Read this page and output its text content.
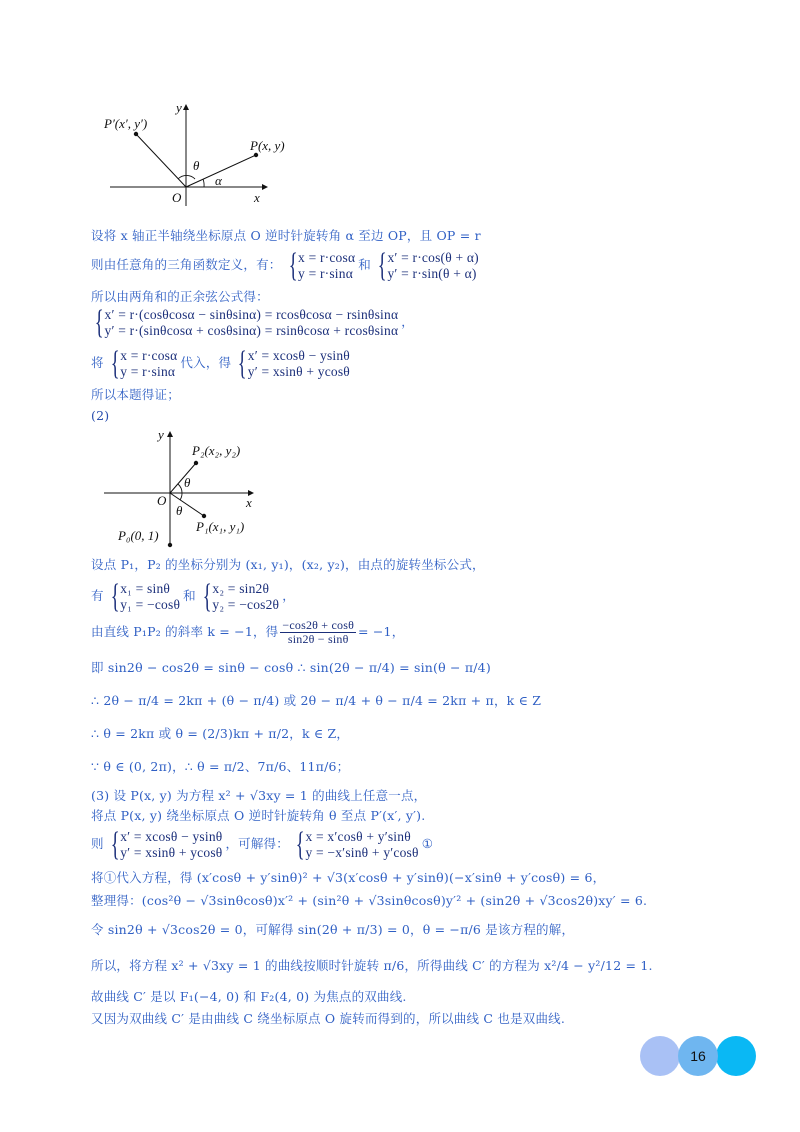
P′(x′, y′)
P(x, y)
θ
α
O	x
y
设将 x 轴正半轴绕坐标原点 O 逆时针旋转角 α 至边 OP，且 OP = r
则由任意角的三角函数定义，有： { x = r·cosα
y = r·sinα
和 { x′ = r·cos(θ + α)
y′ = r·sin(θ + α)
所以由两角和的正余弦公式得：
{ x′ = r·(cosθcosα − sinθsinα) = rcosθcosα − rsinθsinα
y′ = r·(sinθcosα + cosθsinα) = rsinθcosα + rcosθsinα
，
将 { x = r·cosα
y = r·sinα
代入，得 { x′ = xcosθ − ysinθ
y′ = xsinθ + ycosθ
所以本题得证；
(2)
P₂(x₂, y₂)
P₁(x₁, y₁)
P₀(0, 1)
θ
θ
O	x
y
设点 P₁，P₂ 的坐标分别为 (x₁, y₁)，(x₂, y₂)，由点的旋转坐标公式，
有 { x₁ = sinθ
y₁ = −cosθ
和 { x₂ = sin2θ
y₂ = −cos2θ
，
由直线 P₁P₂ 的斜率 k = −1，得 $\frac{-\cos 2\theta + \cos\theta}{\sin 2\theta - \sin\theta} = -1$，
即 sin2θ − cos2θ = sinθ − cosθ ∴ sin(2θ − π/4) = sin(θ − π/4)
∴ 2θ − π/4 = 2kπ + (θ − π/4) 或 2θ − π/4 + θ − π/4 = 2kπ + π，k ∈ Z
∴ θ = 2kπ 或 θ = (2/3)kπ + π/2，k ∈ Z，
∵ θ ∈ (0, 2π)，∴ θ = π/2、7π/6、11π/6；
(3) 设 P(x, y) 为方程 x² + √3xy = 1 的曲线上任意一点，
将点 P(x, y) 绕坐标原点 O 逆时针旋转角 θ 至点 P′(x′, y′).
则 { x′ = xcosθ − ysinθ
y′ = xsinθ + ycosθ
，可解得： { x = x′cosθ + y′sinθ
y = −x′sinθ + y′cosθ
①
将①代入方程，得 (x′cosθ + y′sinθ)² + √3(x′cosθ + y′sinθ)(−x′sinθ + y′cosθ) = 6，
整理得：(cos²θ − √3sinθcosθ)x′² + (sin²θ + √3sinθcosθ)y′² + (sin2θ + √3cos2θ)xy′ = 6.
令 sin2θ + √3cos2θ = 0，可解得 sin(2θ + π/3) = 0，θ = −π/6 是该方程的解，
所以，将方程 x² + √3xy = 1 的曲线按顺时针旋转 π/6，所得曲线 C′ 的方程为 x²/4 − y²/12 = 1.
故曲线 C′ 是以 F₁(−4, 0) 和 F₂(4, 0) 为焦点的双曲线.
又因为双曲线 C′ 是由曲线 C 绕坐标原点 O 旋转而得到的，所以曲线 C 也是双曲线.
16
